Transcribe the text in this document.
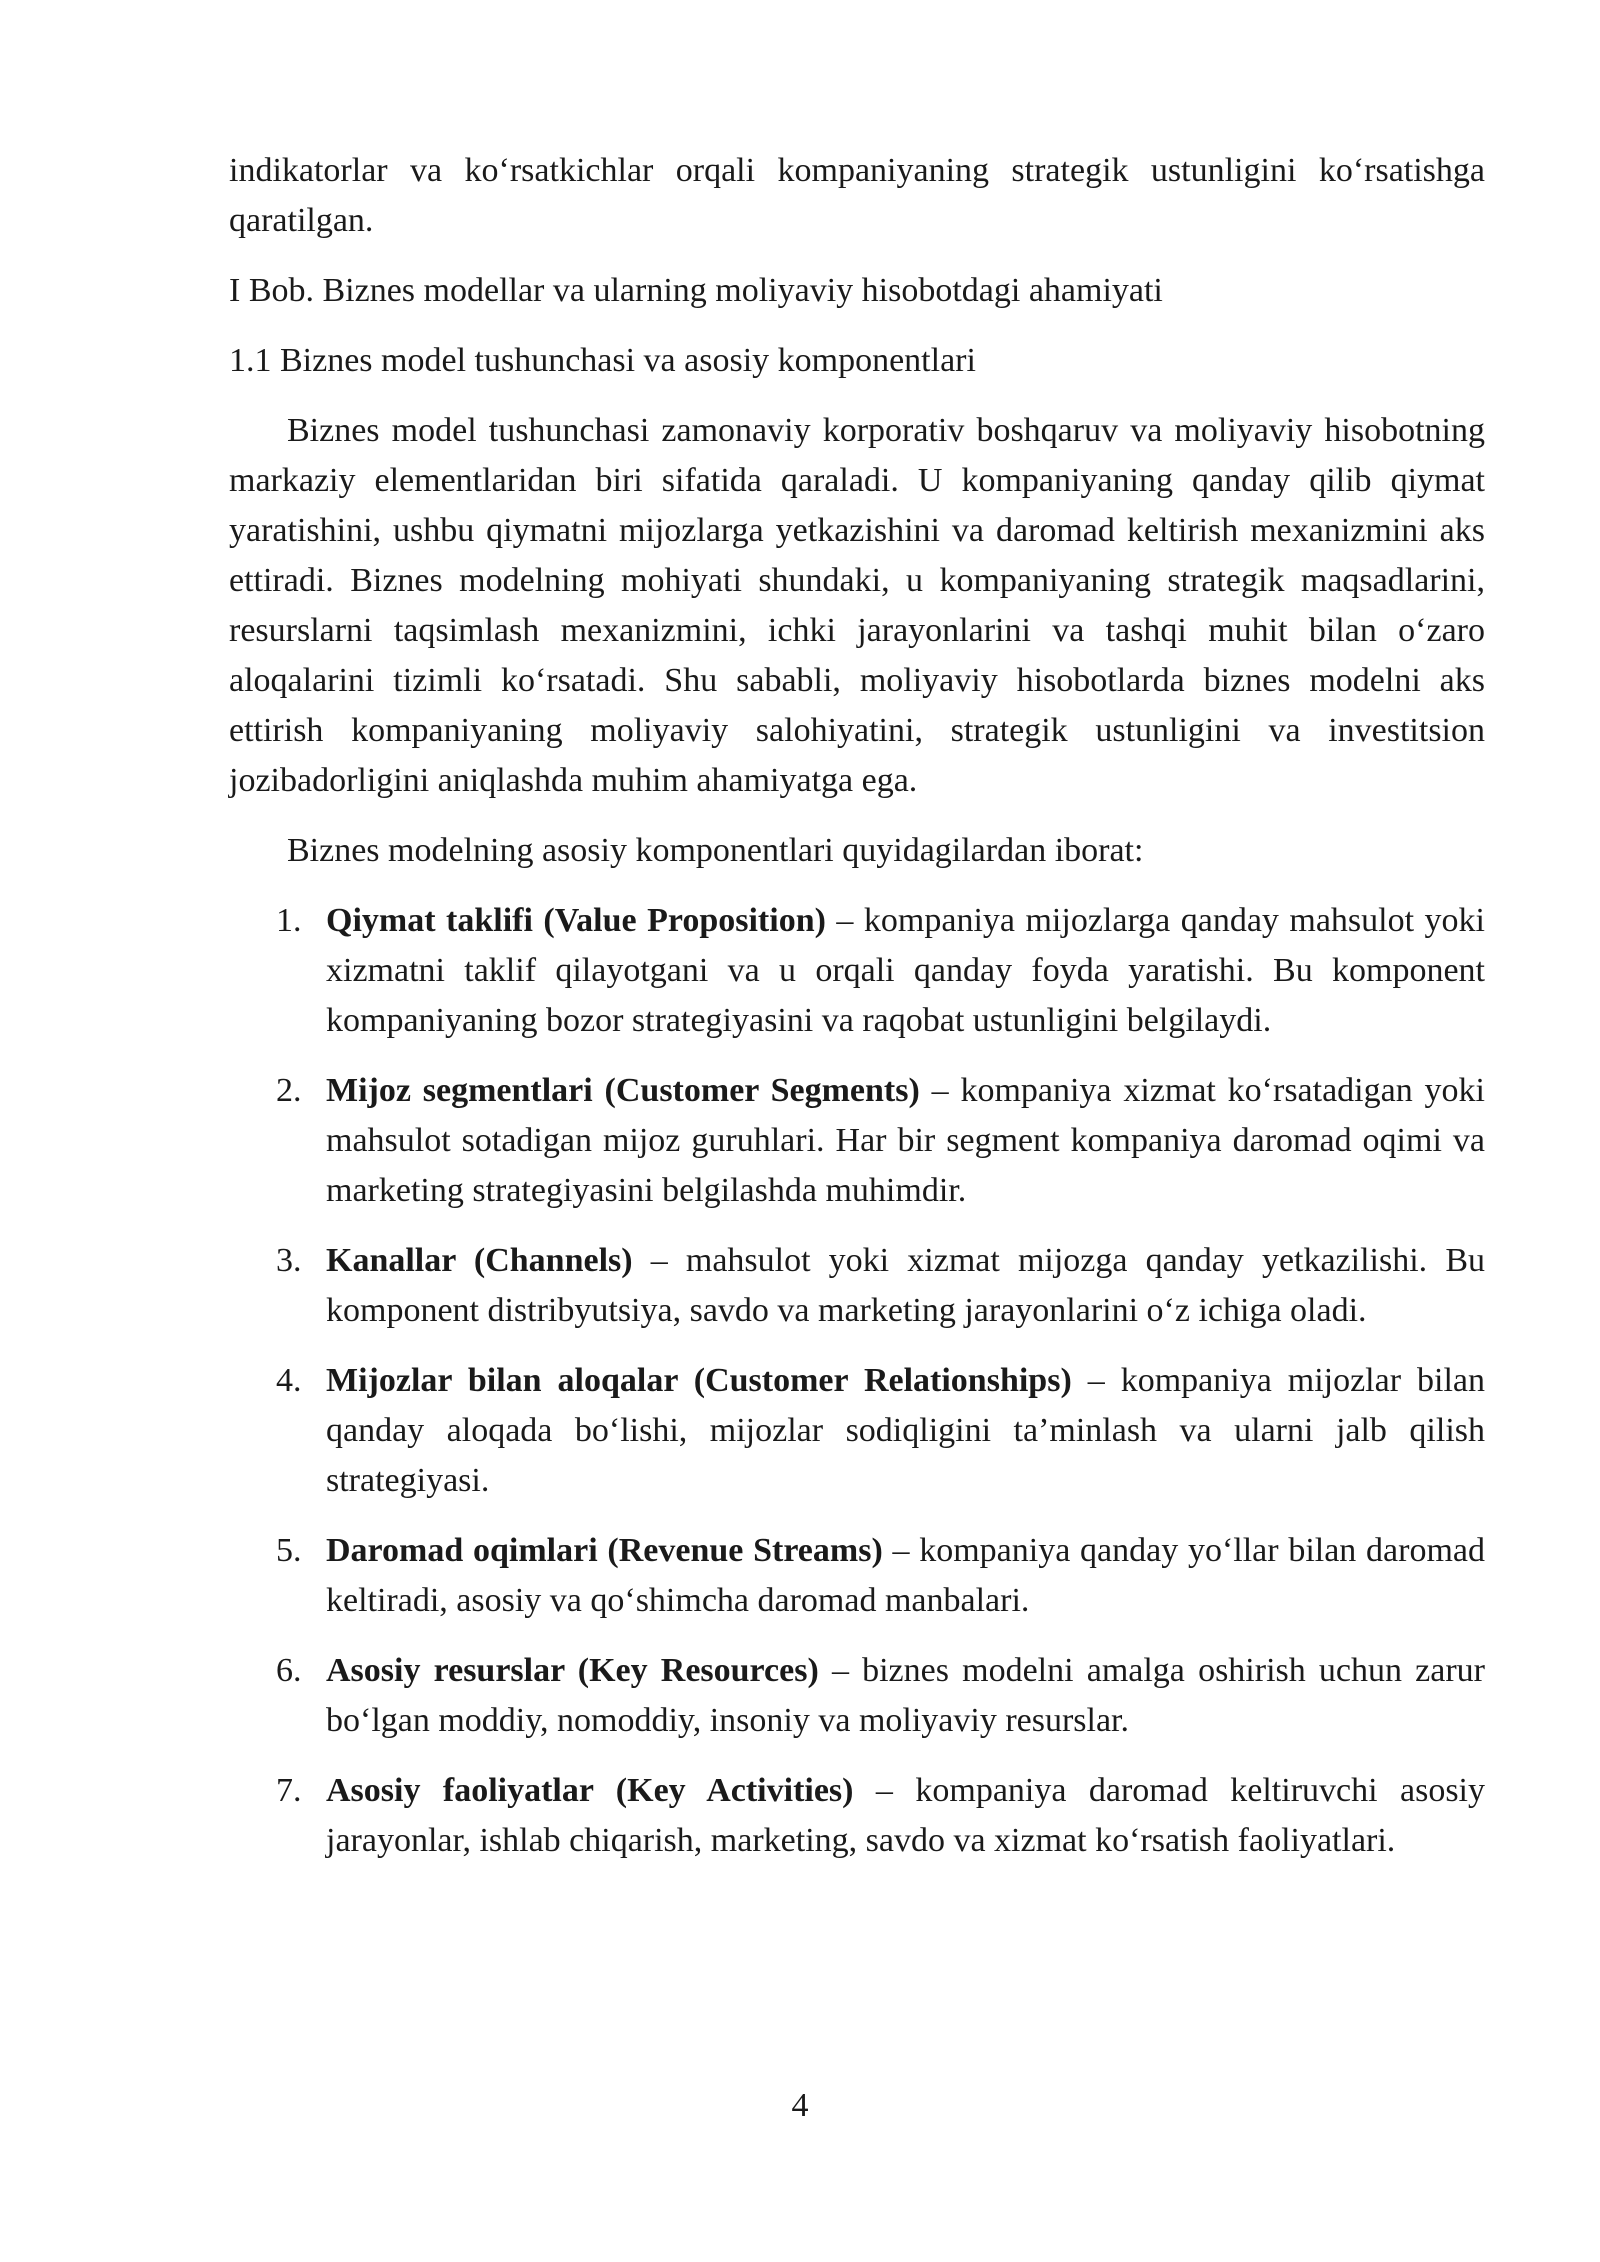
indikatorlar va ko‘rsatkichlar orqali kompaniyaning strategik ustunligini ko‘rsatishga qaratilgan.

I Bob. Biznes modellar va ularning moliyaviy hisobotdagi ahamiyati

1.1 Biznes model tushunchasi va asosiy komponentlari

Biznes model tushunchasi zamonaviy korporativ boshqaruv va moliyaviy hisobotning markaziy elementlaridan biri sifatida qaraladi. U kompaniyaning qanday qilib qiymat yaratishini, ushbu qiymatni mijozlarga yetkazishini va daromad keltirish mexanizmini aks ettiradi. Biznes modelning mohiyati shundaki, u kompaniyaning strategik maqsadlarini, resurslarni taqsimlash mexanizmini, ichki jarayonlarini va tashqi muhit bilan o‘zaro aloqalarini tizimli ko‘rsatadi. Shu sababli, moliyaviy hisobotlarda biznes modelni aks ettirish kompaniyaning moliyaviy salohiyatini, strategik ustunligini va investitsion jozibadorligini aniqlashda muhim ahamiyatga ega.

Biznes modelning asosiy komponentlari quyidagilardan iborat:

1. Qiymat taklifi (Value Proposition) – kompaniya mijozlarga qanday mahsulot yoki xizmatni taklif qilayotgani va u orqali qanday foyda yaratishi. Bu komponent kompaniyaning bozor strategiyasini va raqobat ustunligini belgilaydi.
2. Mijoz segmentlari (Customer Segments) – kompaniya xizmat ko‘rsatadigan yoki mahsulot sotadigan mijoz guruhlari. Har bir segment kompaniya daromad oqimi va marketing strategiyasini belgilashda muhimdir.
3. Kanallar (Channels) – mahsulot yoki xizmat mijozga qanday yetkazilishi. Bu komponent distribyutsiya, savdo va marketing jarayonlarini o‘z ichiga oladi.
4. Mijozlar bilan aloqalar (Customer Relationships) – kompaniya mijozlar bilan qanday aloqada bo‘lishi, mijozlar sodiqligini ta’minlash va ularni jalb qilish strategiyasi.
5. Daromad oqimlari (Revenue Streams) – kompaniya qanday yo‘llar bilan daromad keltiradi, asosiy va qo‘shimcha daromad manbalari.
6. Asosiy resurslar (Key Resources) – biznes modelni amalga oshirish uchun zarur bo‘lgan moddiy, nomoddiy, insoniy va moliyaviy resurslar.
7. Asosiy faoliyatlar (Key Activities) – kompaniya daromad keltiruvchi asosiy jarayonlar, ishlab chiqarish, marketing, savdo va xizmat ko‘rsatish faoliyatlari.
4
